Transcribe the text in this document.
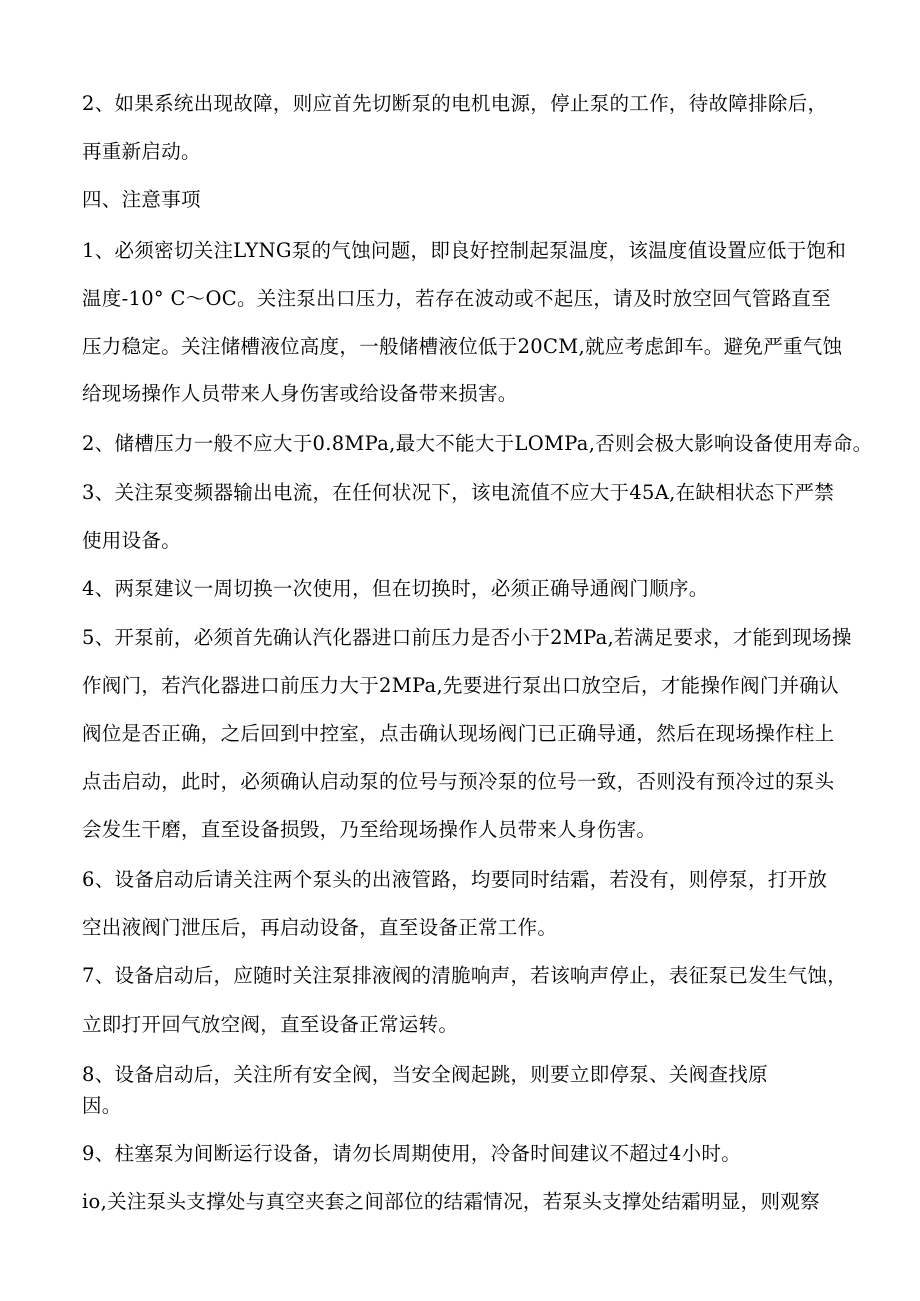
2、如果系统出现故障，则应首先切断泵的电机电源，停止泵的工作，待故障排除后，
再重新启动。
四、注意事项
1、必须密切关注LYNG泵的气蚀问题，即良好控制起泵温度，该温度值设置应低于饱和
温度-10° C～OC。关注泵出口压力，若存在波动或不起压，请及时放空回气管路直至
压力稳定。关注储槽液位高度，一般储槽液位低于20CM,就应考虑卸车。避免严重气蚀
给现场操作人员带来人身伤害或给设备带来损害。
2、储槽压力一般不应大于0.8MPa,最大不能大于LOMPa,否则会极大影响设备使用寿命。
3、关注泵变频器输出电流，在任何状况下，该电流值不应大于45A,在缺相状态下严禁
使用设备。
4、两泵建议一周切换一次使用，但在切换时，必须正确导通阀门顺序。
5、开泵前，必须首先确认汽化器进口前压力是否小于2MPa,若满足要求，才能到现场操
作阀门，若汽化器进口前压力大于2MPa,先要进行泵出口放空后，才能操作阀门并确认
阀位是否正确，之后回到中控室，点击确认现场阀门已正确导通，然后在现场操作柱上
点击启动，此时，必须确认启动泵的位号与预冷泵的位号一致，否则没有预冷过的泵头
会发生干磨，直至设备损毁，乃至给现场操作人员带来人身伤害。
6、设备启动后请关注两个泵头的出液管路，均要同时结霜，若没有，则停泵，打开放
空出液阀门泄压后，再启动设备，直至设备正常工作。
7、设备启动后，应随时关注泵排液阀的清脆响声，若该响声停止，表征泵已发生气蚀，
立即打开回气放空阀，直至设备正常运转。
8、设备启动后，关注所有安全阀，当安全阀起跳，则要立即停泵、关阀查找原
因。
9、柱塞泵为间断运行设备，请勿长周期使用，冷备时间建议不超过4小时。
io,关注泵头支撑处与真空夹套之间部位的结霜情况，若泵头支撑处结霜明显，则观察
